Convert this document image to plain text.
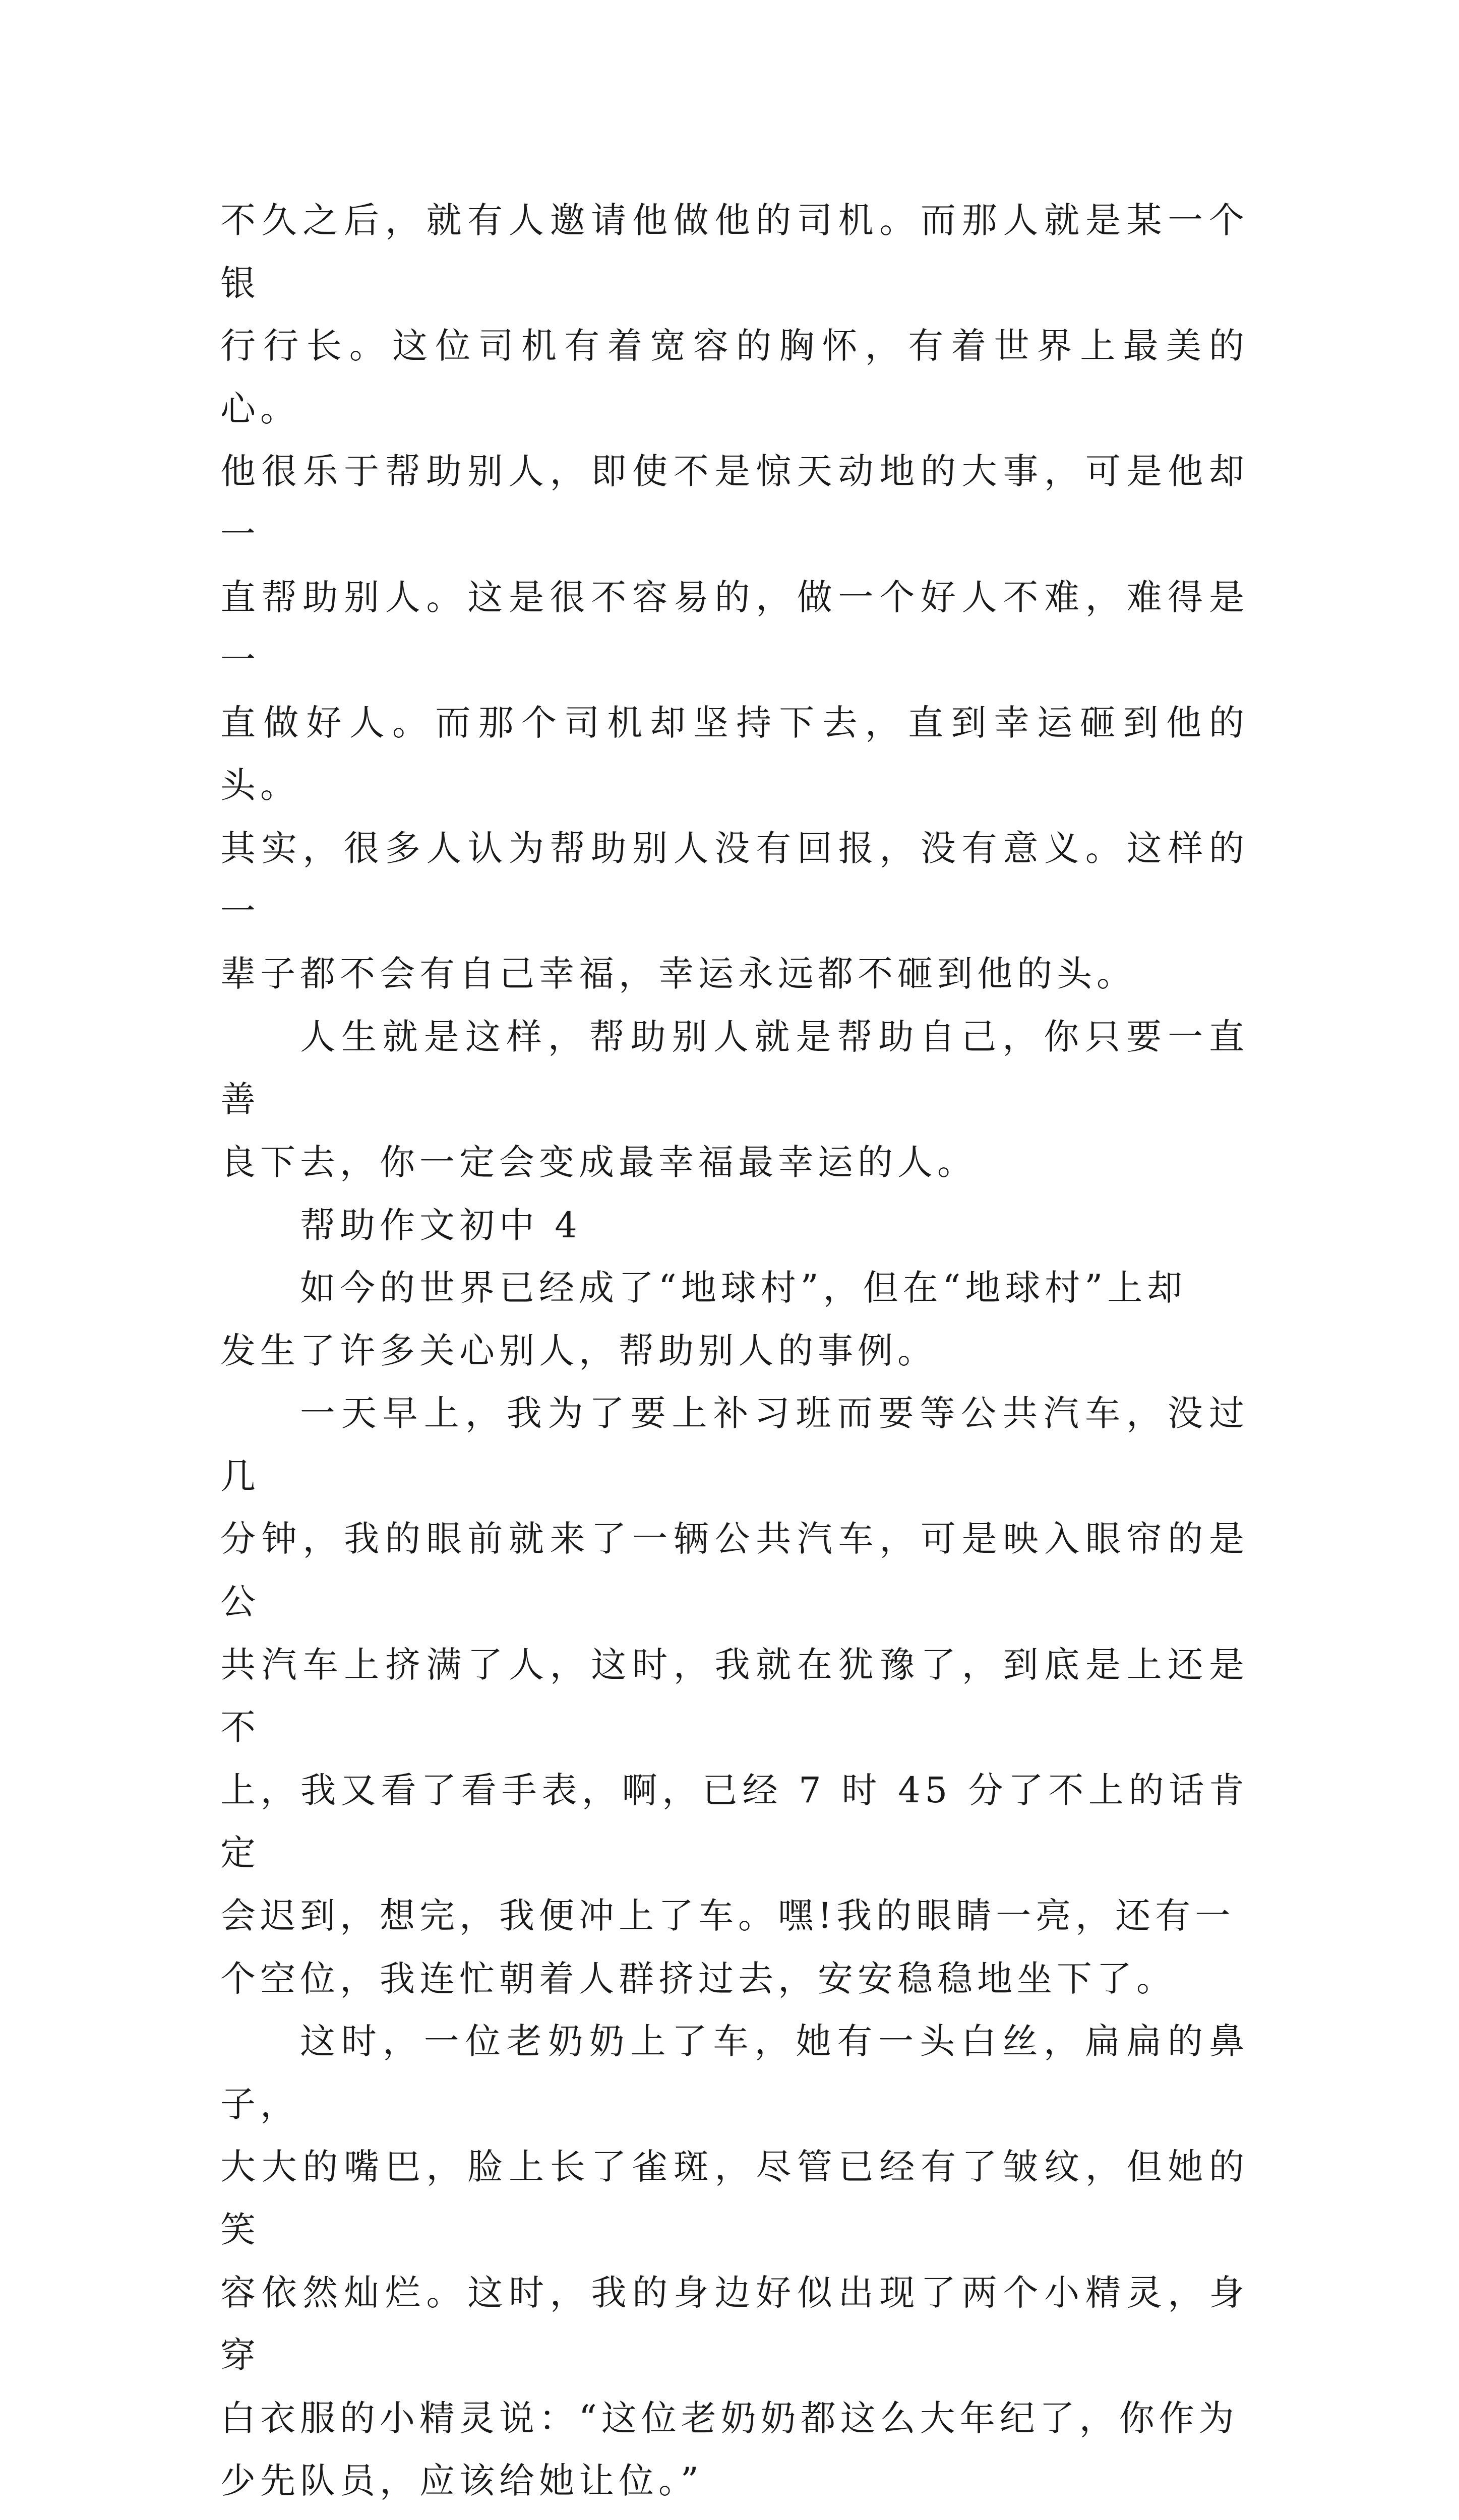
不久之后，就有人邀请他做他的司机。而那人就是某一个银

行行长。这位司机有着宽容的胸怀，有着世界上最美的心。

他很乐于帮助别人，即使不是惊天动地的大事，可是他却一

直帮助别人。这是很不容易的，做一个好人不难，难得是一

直做好人。而那个司机却坚持下去，直到幸运砸到他的头。

其实，很多人认为帮助别人没有回报，没有意义。这样的一

辈子都不会有自己幸福，幸运永远都不砸到他的头。

人生就是这样，帮助别人就是帮助自己，你只要一直善

良下去，你一定会变成最幸福最幸运的人。

帮助作文初中 4

如今的世界已经成了“地球村”，但在“地球村”上却

发生了许多关心别人，帮助别人的事例。

一天早上，我为了要上补习班而要等公共汽车，没过几

分钟，我的眼前就来了一辆公共汽车，可是映入眼帘的是公

共汽车上挤满了人，这时，我就在犹豫了，到底是上还是不

上，我又看了看手表，啊，已经 7 时 45 分了不上的话肯定

会迟到，想完，我便冲上了车。嘿!我的眼睛一亮，还有一

个空位，我连忙朝着人群挤过去，安安稳稳地坐下了。

这时，一位老奶奶上了车，她有一头白丝，扁扁的鼻子，

大大的嘴巴，脸上长了雀斑，尽管已经有了皱纹，但她的笑

容依然灿烂。这时，我的身边好似出现了两个小精灵，身穿

白衣服的小精灵说：“这位老奶奶都这么大年纪了，你作为

少先队员，应该给她让位。”
